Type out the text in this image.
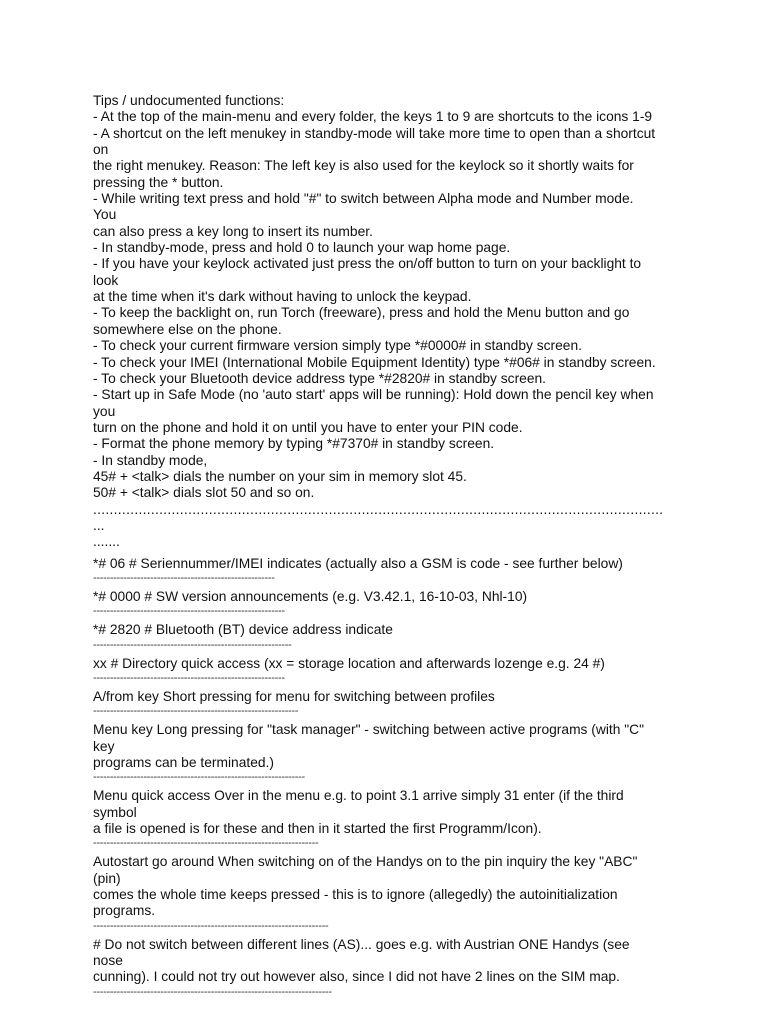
Tips / undocumented functions:
- At the top of the main-menu and every folder, the keys 1 to 9 are shortcuts to the icons 1-9
- A shortcut on the left menukey in standby-mode will take more time to open than a shortcut
on
the right menukey. Reason: The left key is also used for the keylock so it shortly waits for
pressing the * button.
- While writing text press and hold "#" to switch between Alpha mode and Number mode.
You
can also press a key long to insert its number.
- In standby-mode, press and hold 0 to launch your wap home page.
- If you have your keylock activated just press the on/off button to turn on your backlight to
look
at the time when it's dark without having to unlock the keypad.
- To keep the backlight on, run Torch (freeware), press and hold the Menu button and go
somewhere else on the phone.
- To check your current firmware version simply type *#0000# in standby screen.
- To check your IMEI (International Mobile Equipment Identity) type *#06# in standby screen.
- To check your Bluetooth device address type *#2820# in standby screen.
- Start up in Safe Mode (no 'auto start' apps will be running): Hold down the pencil key when
you
turn on the phone and hold it on until you have to enter your PIN code.
- Format the phone memory by typing *#7370# in standby screen.
- In standby mode,
45# + <talk> dials the number on your sim in memory slot 45.
50# + <talk> dials slot 50 and so on.
..........................................................................................................................................
...
.......
*# 06 # Seriennummer/IMEI indicates (actually also a GSM is code - see further below)
------------------------------------------------------
*# 0000 # SW version announcements (e.g. V3.42.1, 16-10-03, Nhl-10)
---------------------------------------------------------
*# 2820 # Bluetooth (BT) device address indicate
-----------------------------------------------------------
xx # Directory quick access (xx = storage location and afterwards lozenge e.g. 24 #)
---------------------------------------------------------
A/from key Short pressing for menu for switching between profiles
-------------------------------------------------------------
Menu key Long pressing for "task manager" - switching between active programs (with "C"
key
programs can be terminated.)
---------------------------------------------------------------
Menu quick access Over in the menu e.g. to point 3.1 arrive simply 31 enter (if the third
symbol
a file is opened is for these and then in it started the first Programm/Icon).
-------------------------------------------------------------------
Autostart go around When switching on of the Handys on to the pin inquiry the key "ABC"
(pin)
comes the whole time keeps pressed - this is to ignore (allegedly) the autoinitialization
programs.
----------------------------------------------------------------------
# Do not switch between different lines (AS)... goes e.g. with Austrian ONE Handys (see
nose
cunning). I could not try out however also, since I did not have 2 lines on the SIM map.
-----------------------------------------------------------------------
